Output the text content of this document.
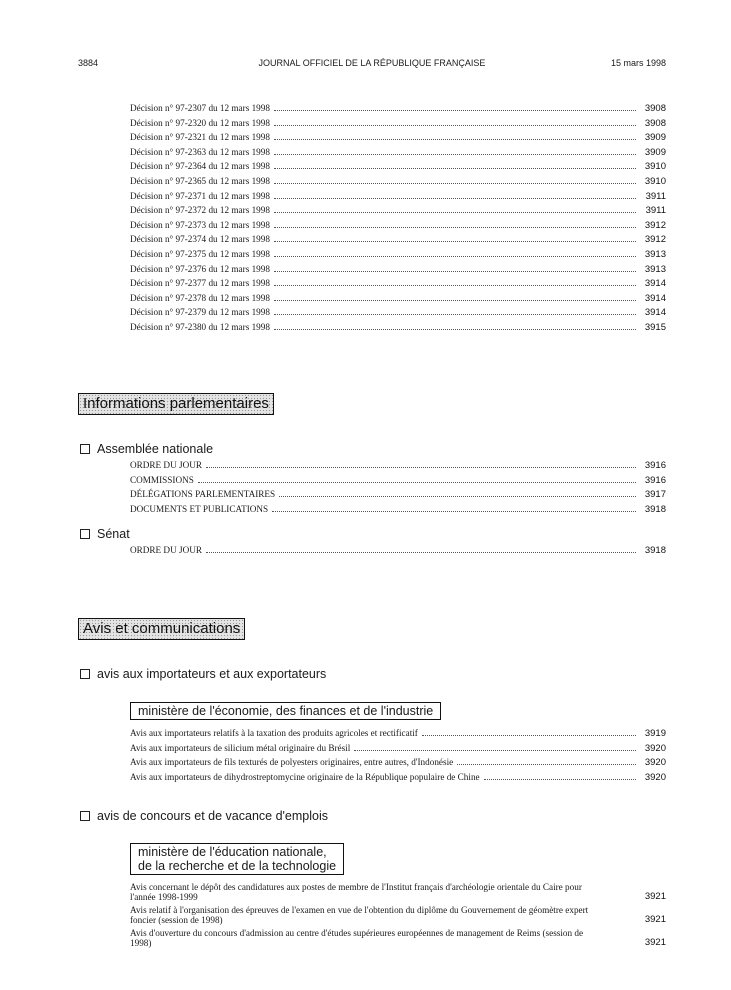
3884	JOURNAL OFFICIEL DE LA RÉPUBLIQUE FRANÇAISE	15 mars 1998
Décision n° 97-2307 du 12 mars 1998	3908
Décision n° 97-2320 du 12 mars 1998	3908
Décision n° 97-2321 du 12 mars 1998	3909
Décision n° 97-2363 du 12 mars 1998	3909
Décision n° 97-2364 du 12 mars 1998	3910
Décision n° 97-2365 du 12 mars 1998	3910
Décision n° 97-2371 du 12 mars 1998	3911
Décision n° 97-2372 du 12 mars 1998	3911
Décision n° 97-2373 du 12 mars 1998	3912
Décision n° 97-2374 du 12 mars 1998	3912
Décision n° 97-2375 du 12 mars 1998	3913
Décision n° 97-2376 du 12 mars 1998	3913
Décision n° 97-2377 du 12 mars 1998	3914
Décision n° 97-2378 du 12 mars 1998	3914
Décision n° 97-2379 du 12 mars 1998	3914
Décision n° 97-2380 du 12 mars 1998	3915
Informations parlementaires
Assemblée nationale
ORDRE DU JOUR	3916
COMMISSIONS	3916
DÉLÉGATIONS PARLEMENTAIRES	3917
DOCUMENTS ET PUBLICATIONS	3918
Sénat
ORDRE DU JOUR	3918
Avis et communications
avis aux importateurs et aux exportateurs
ministère de l'économie, des finances et de l'industrie
Avis aux importateurs relatifs à la taxation des produits agricoles et rectificatif	3919
Avis aux importateurs de silicium métal originaire du Brésil	3920
Avis aux importateurs de fils texturés de polyesters originaires, entre autres, d'Indonésie	3920
Avis aux importateurs de dihydrostreptomycine originaire de la République populaire de Chine	3920
avis de concours et de vacance d'emplois
ministère de l'éducation nationale,
de la recherche et de la technologie
Avis concernant le dépôt des candidatures aux postes de membre de l'Institut français d'archéologie orientale du Caire pour l'année 1998-1999	3921
Avis relatif à l'organisation des épreuves de l'examen en vue de l'obtention du diplôme du Gouvernement de géomètre expert foncier (session de 1998)	3921
Avis d'ouverture du concours d'admission au centre d'études supérieures européennes de management de Reims (session de 1998)	3921
